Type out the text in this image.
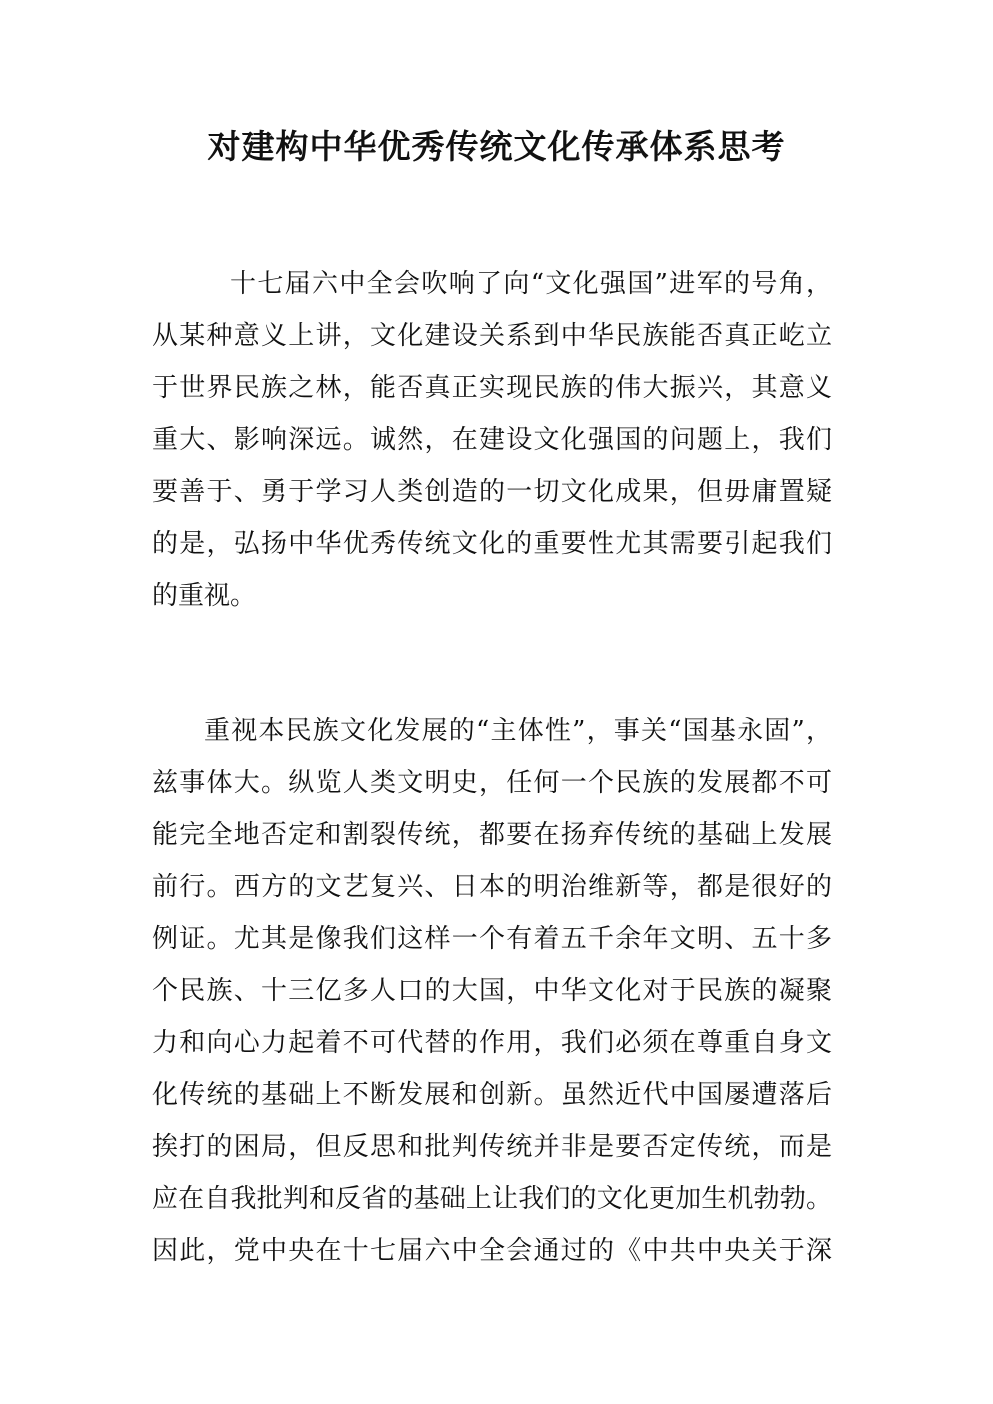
对建构中华优秀传统文化传承体系思考

十七届六中全会吹响了向“文化强国”进军的号角，
从某种意义上讲，文化建设关系到中华民族能否真正屹立
于世界民族之林，能否真正实现民族的伟大振兴，其意义
重大、影响深远。诚然，在建设文化强国的问题上，我们
要善于、勇于学习人类创造的一切文化成果，但毋庸置疑
的是，弘扬中华优秀传统文化的重要性尤其需要引起我们
的重视。

重视本民族文化发展的“主体性”，事关“国基永固”，
兹事体大。纵览人类文明史，任何一个民族的发展都不可
能完全地否定和割裂传统，都要在扬弃传统的基础上发展
前行。西方的文艺复兴、日本的明治维新等，都是很好的
例证。尤其是像我们这样一个有着五千余年文明、五十多
个民族、十三亿多人口的大国，中华文化对于民族的凝聚
力和向心力起着不可代替的作用，我们必须在尊重自身文
化传统的基础上不断发展和创新。虽然近代中国屡遭落后
挨打的困局，但反思和批判传统并非是要否定传统，而是
应在自我批判和反省的基础上让我们的文化更加生机勃勃。
因此，党中央在十七届六中全会通过的《中共中央关于深
